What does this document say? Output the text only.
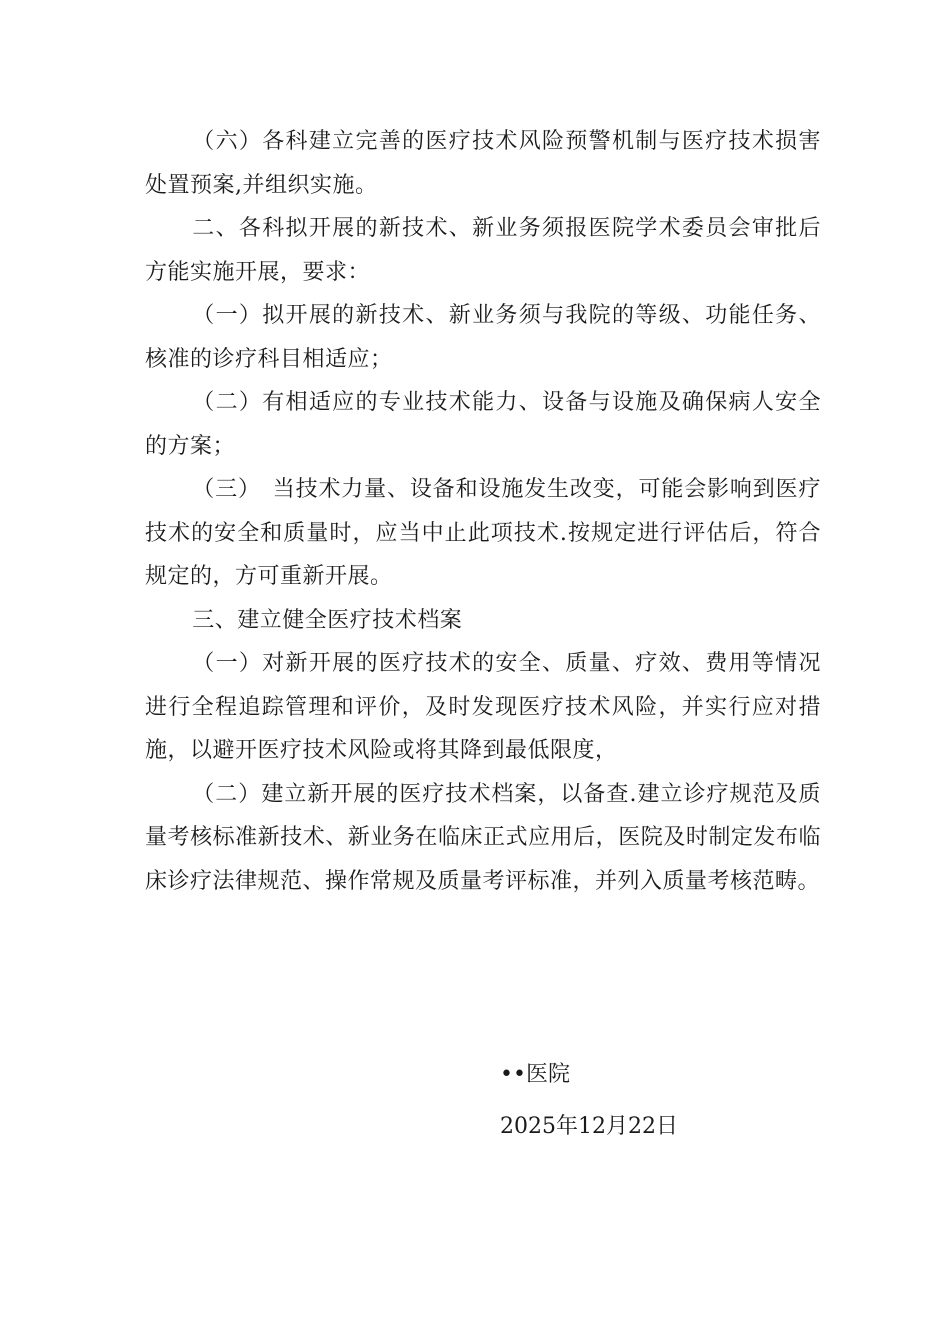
（六）各科建立完善的医疗技术风险预警机制与医疗技术损害处置预案,并组织实施。

二、各科拟开展的新技术、新业务须报医院学术委员会审批后方能实施开展，要求：

（一）拟开展的新技术、新业务须与我院的等级、功能任务、核准的诊疗科目相适应；

（二）有相适应的专业技术能力、设备与设施及确保病人安全的方案；

（三）　当技术力量、设备和设施发生改变，可能会影响到医疗技术的安全和质量时，应当中止此项技术.按规定进行评估后，符合规定的，方可重新开展。

三、建立健全医疗技术档案

（一）对新开展的医疗技术的安全、质量、疗效、费用等情况进行全程追踪管理和评价，及时发现医疗技术风险，并实行应对措施，以避开医疗技术风险或将其降到最低限度，

（二）建立新开展的医疗技术档案，以备查.建立诊疗规范及质量考核标准新技术、新业务在临床正式应用后，医院及时制定发布临床诊疗法律规范、操作常规及质量考评标准，并列入质量考核范畴。

••医院
2025年12月22日
